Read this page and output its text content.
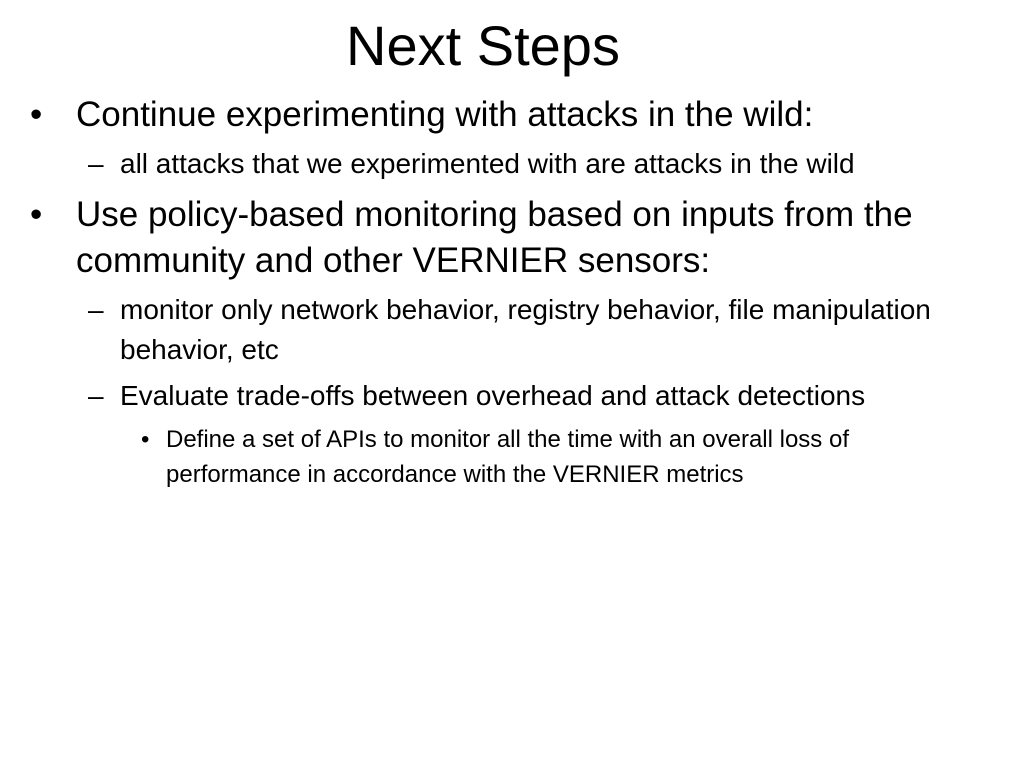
Next Steps
• Continue experimenting with attacks in the wild:
– all attacks that we experimented with are attacks in the wild
• Use policy-based monitoring based on inputs from the community and other VERNIER sensors:
– monitor only network behavior, registry behavior, file manipulation behavior, etc
– Evaluate trade-offs between overhead and attack detections
• Define a set of APIs to monitor all the time with an overall loss of performance in accordance with the VERNIER metrics
